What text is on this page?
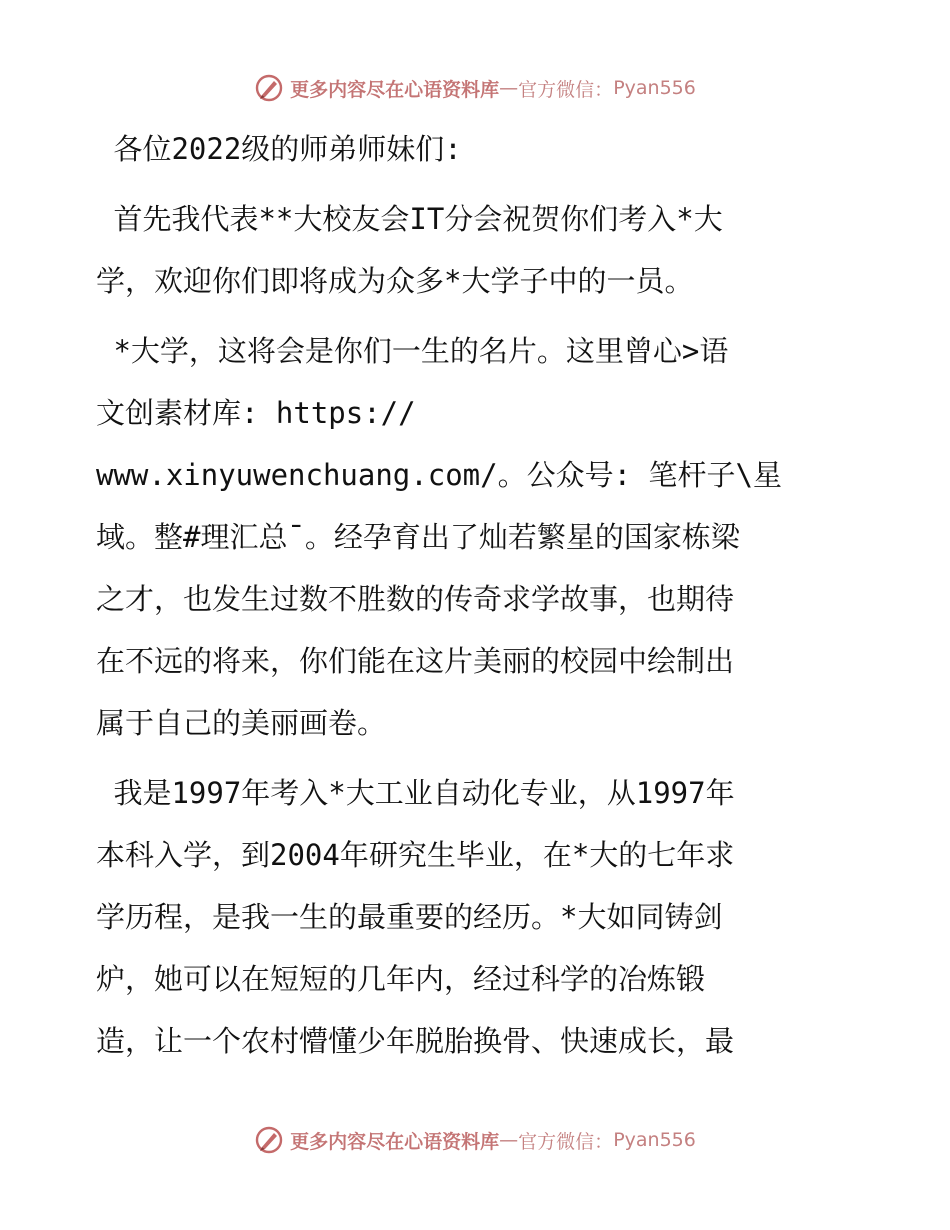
更多内容尽在心语资料库 — 官方微信： Pyan556
各位2022级的师弟师妹们:
首先我代表**大校友会IT分会祝贺你们考入*大
学，欢迎你们即将成为众多*大学子中的一员。
*大学，这将会是你们一生的名片。这里曾心>语
文创素材库: https://
www.xinyuwenchuang.com/。公众号: 笔杆子\星
域。整#理汇总¯。经孕育出了灿若繁星的国家栋梁
之才，也发生过数不胜数的传奇求学故事，也期待
在不远的将来，你们能在这片美丽的校园中绘制出
属于自己的美丽画卷。
我是1997年考入*大工业自动化专业，从1997年
本科入学，到2004年研究生毕业，在*大的七年求
学历程，是我一生的最重要的经历。*大如同铸剑
炉，她可以在短短的几年内，经过科学的冶炼锻
造，让一个农村懵懂少年脱胎换骨、快速成长，最
更多内容尽在心语资料库 — 官方微信： Pyan556
